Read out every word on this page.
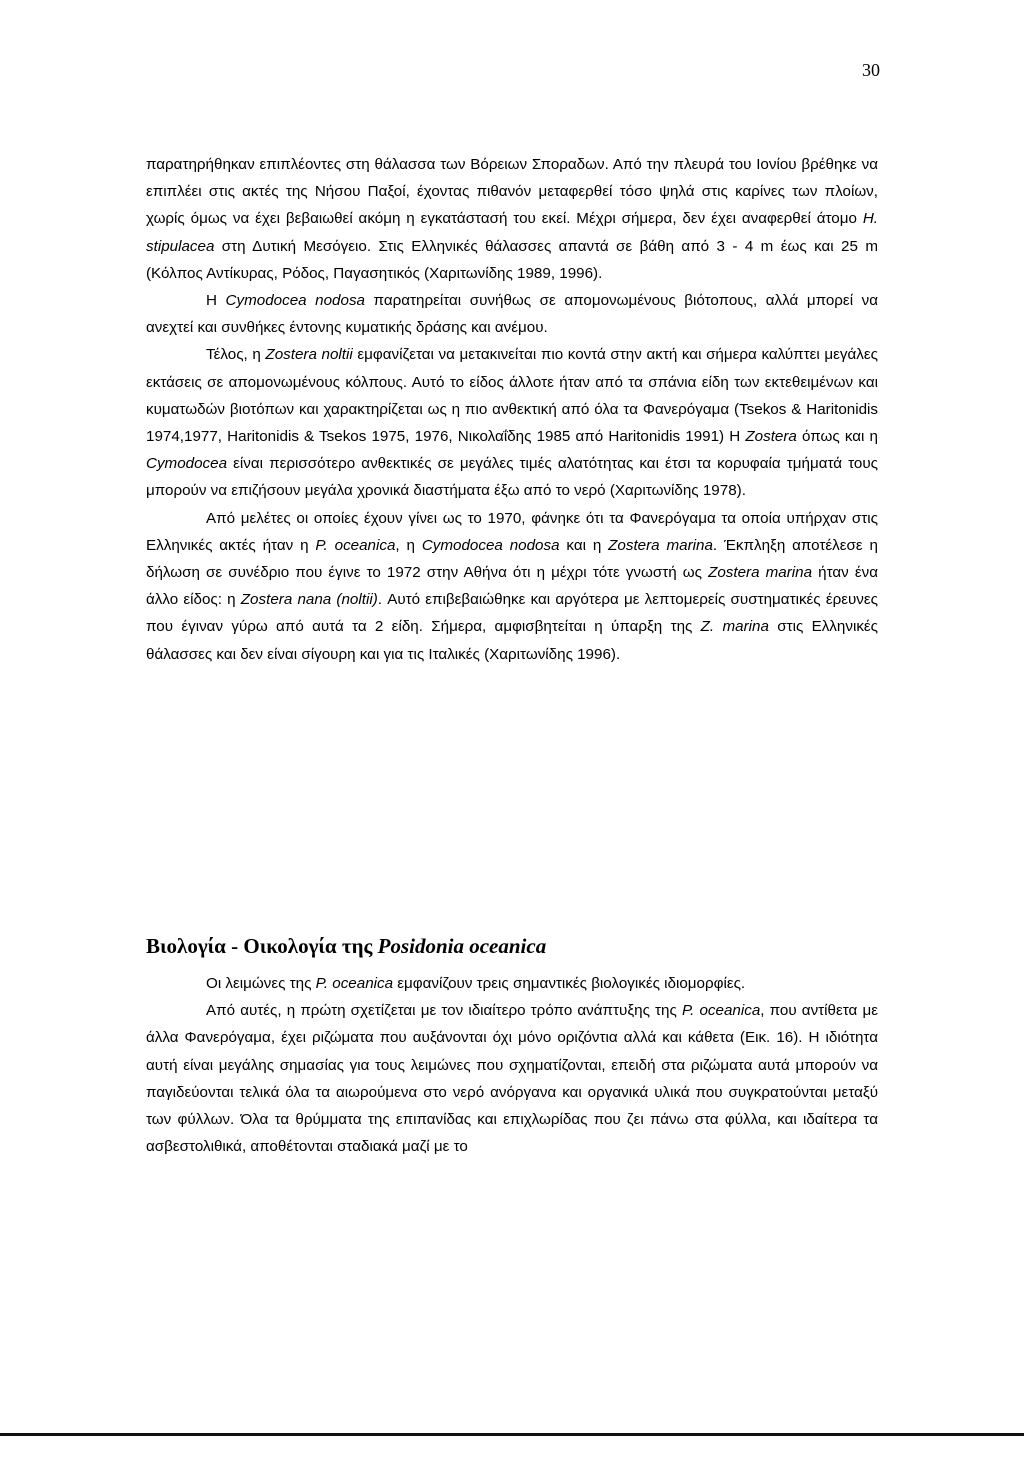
30

παρατηρήθηκαν επιπλέοντες στη θάλασσα των Βόρειων Σποραδων. Από την πλευρά του Ιονίου βρέθηκε να επιπλέει στις ακτές της Νήσου Παξοί, έχοντας πιθανόν μεταφερθεί τόσο ψηλά στις καρίνες των πλοίων, χωρίς όμως να έχει βεβαιωθεί ακόμη η εγκατάστασή του εκεί. Μέχρι σήμερα, δεν έχει αναφερθεί άτομο H. stipulacea στη Δυτική Μεσόγειο. Στις Ελληνικές θάλασσες απαντά σε βάθη από 3 - 4 m έως και 25 m (Κόλπος Αντίκυρας, Ρόδος, Παγασητικός (Χαριτωνίδης 1989, 1996).

Η Cymodocea nodosa παρατηρείται συνήθως σε απομονωμένους βιότοπους, αλλά μπορεί να ανεχτεί και συνθήκες έντονης κυματικής δράσης και ανέμου.

Τέλος, η Zostera noltii εμφανίζεται να μετακινείται πιο κοντά στην ακτή και σήμερα καλύπτει μεγάλες εκτάσεις σε απομονωμένους κόλπους. Αυτό το είδος άλλοτε ήταν από τα σπάνια είδη των εκτεθειμένων και κυματωδών βιοτόπων και χαρακτηρίζεται ως η πιο ανθεκτική από όλα τα Φανερόγαμα (Tsekos & Haritonidis 1974,1977, Haritonidis & Tsekos 1975, 1976, Νικολαΐδης 1985 από Haritonidis 1991) Η Zostera όπως και η Cymodocea είναι περισσότερο ανθεκτικές σε μεγάλες τιμές αλατότητας και έτσι τα κορυφαία τμήματά τους μπορούν να επιζήσουν μεγάλα χρονικά διαστήματα έξω από το νερό (Χαριτωνίδης 1978).

Από μελέτες οι οποίες έχουν γίνει ως το 1970, φάνηκε ότι τα Φανερόγαμα τα οποία υπήρχαν στις Ελληνικές ακτές ήταν η P. oceanica, η Cymodocea nodosa και η Zostera marina. Έκπληξη αποτέλεσε η δήλωση σε συνέδριο που έγινε το 1972 στην Αθήνα ότι η μέχρι τότε γνωστή ως Zostera marina ήταν ένα άλλο είδος: η Zostera nana (noltii). Αυτό επιβεβαιώθηκε και αργότερα με λεπτομερείς συστηματικές έρευνες που έγιναν γύρω από αυτά τα 2 είδη. Σήμερα, αμφισβητείται η ύπαρξη της Z. marina στις Ελληνικές θάλασσες και δεν είναι σίγουρη και για τις Ιταλικές (Χαριτωνίδης 1996).

Βιολογία - Οικολογία της Posidonia oceanica

Οι λειμώνες της P. oceanica εμφανίζουν τρεις σημαντικές βιολογικές ιδιομορφίες.

Από αυτές, η πρώτη σχετίζεται με τον ιδιαίτερο τρόπο ανάπτυξης της P. oceanica, που αντίθετα με άλλα Φανερόγαμα, έχει ριζώματα που αυξάνονται όχι μόνο οριζόντια αλλά και κάθετα (Εικ. 16). Η ιδιότητα αυτή είναι μεγάλης σημασίας για τους λειμώνες που σχηματίζονται, επειδή στα ριζώματα αυτά μπορούν να παγιδεύονται τελικά όλα τα αιωρούμενα στο νερό ανόργανα και οργανικά υλικά που συγκρατούνται μεταξύ των φύλλων. Όλα τα θρύμματα της επιπανίδας και επιχλωρίδας που ζει πάνω στα φύλλα, και ιδαίτερα τα ασβεστολιθικά, αποθέτονται σταδιακά μαζί με το
